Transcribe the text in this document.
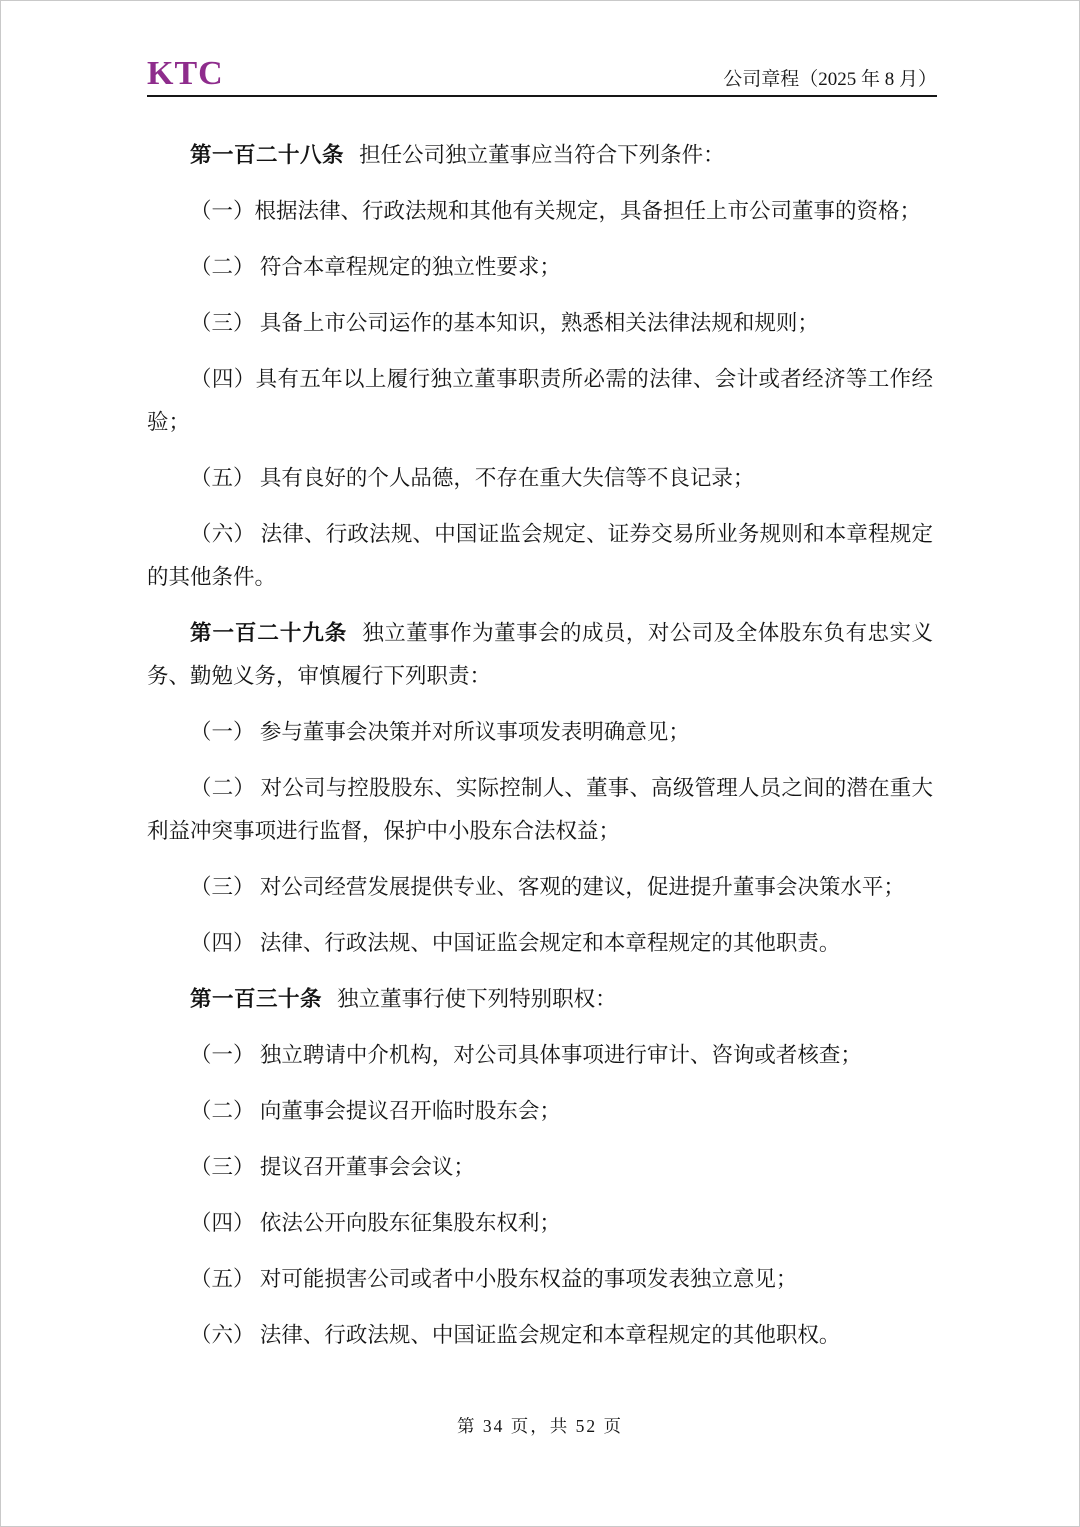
KTC	公司章程（2025 年 8 月）

第一百二十八条 担任公司独立董事应当符合下列条件：

（一）根据法律、行政法规和其他有关规定，具备担任上市公司董事的资格；

（二） 符合本章程规定的独立性要求；

（三） 具备上市公司运作的基本知识，熟悉相关法律法规和规则；

（四）具有五年以上履行独立董事职责所必需的法律、会计或者经济等工作经验；

（五） 具有良好的个人品德，不存在重大失信等不良记录；

（六） 法律、行政法规、中国证监会规定、证券交易所业务规则和本章程规定的其他条件。

第一百二十九条 独立董事作为董事会的成员，对公司及全体股东负有忠实义务、勤勉义务，审慎履行下列职责：

（一） 参与董事会决策并对所议事项发表明确意见；

（二） 对公司与控股股东、实际控制人、董事、高级管理人员之间的潜在重大利益冲突事项进行监督，保护中小股东合法权益；

（三） 对公司经营发展提供专业、客观的建议，促进提升董事会决策水平；

（四） 法律、行政法规、中国证监会规定和本章程规定的其他职责。

第一百三十条 独立董事行使下列特别职权：

（一） 独立聘请中介机构，对公司具体事项进行审计、咨询或者核查；

（二） 向董事会提议召开临时股东会；

（三） 提议召开董事会会议；

（四） 依法公开向股东征集股东权利；

（五） 对可能损害公司或者中小股东权益的事项发表独立意见；

（六） 法律、行政法规、中国证监会规定和本章程规定的其他职权。

第 34 页，共 52 页
